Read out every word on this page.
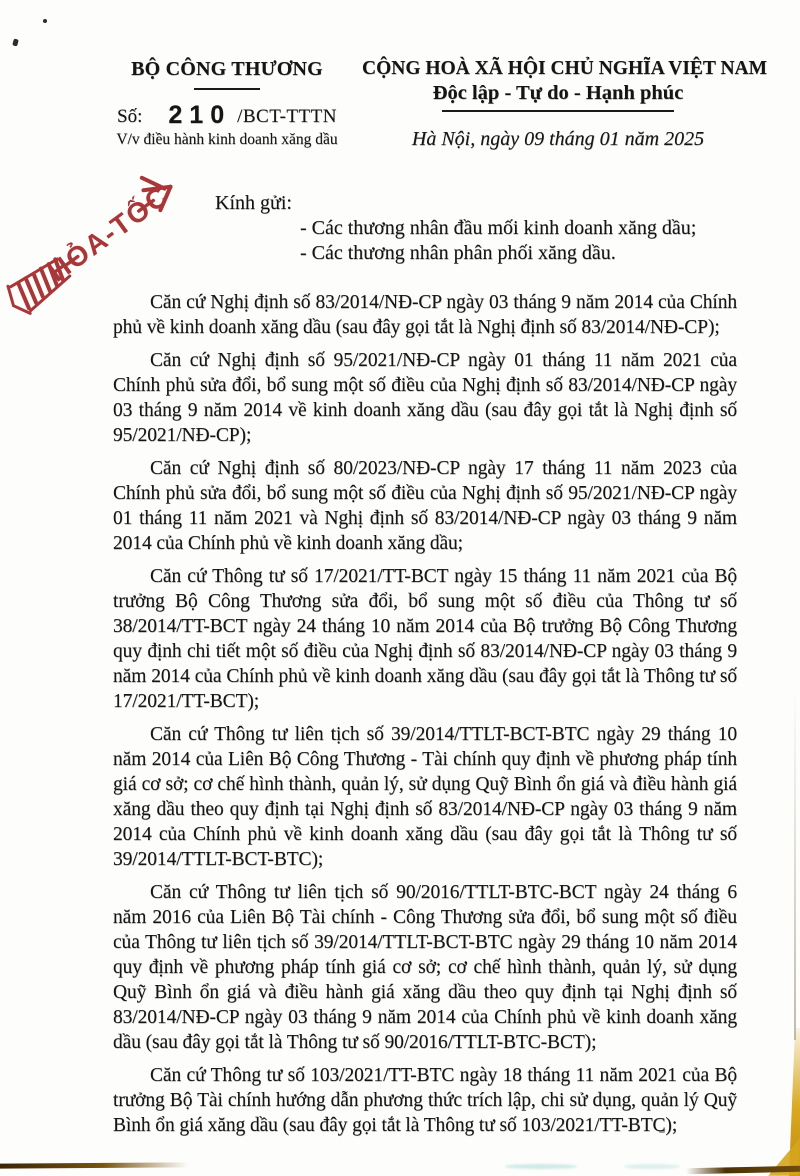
BỘ CÔNG THƯƠNG
Số: 210 /BCT-TTTN
V/v điều hành kinh doanh xăng dầu
CỘNG HOÀ XÃ HỘI CHỦ NGHĨA VIỆT NAM
Độc lập - Tự do - Hạnh phúc
Hà Nội, ngày 09 tháng 01 năm 2025
HỎA-TỐC Kính gửi:
- Các thương nhân đầu mối kinh doanh xăng dầu;
- Các thương nhân phân phối xăng dầu.

Căn cứ Nghị định số 83/2014/NĐ-CP ngày 03 tháng 9 năm 2014 của Chính phủ về kinh doanh xăng dầu (sau đây gọi tắt là Nghị định số 83/2014/NĐ-CP);

Căn cứ Nghị định số 95/2021/NĐ-CP ngày 01 tháng 11 năm 2021 của Chính phủ sửa đổi, bổ sung một số điều của Nghị định số 83/2014/NĐ-CP ngày 03 tháng 9 năm 2014 về kinh doanh xăng dầu (sau đây gọi tắt là Nghị định số 95/2021/NĐ-CP);

Căn cứ Nghị định số 80/2023/NĐ-CP ngày 17 tháng 11 năm 2023 của Chính phủ sửa đổi, bổ sung một số điều của Nghị định số 95/2021/NĐ-CP ngày 01 tháng 11 năm 2021 và Nghị định số 83/2014/NĐ-CP ngày 03 tháng 9 năm 2014 của Chính phủ về kinh doanh xăng dầu;

Căn cứ Thông tư số 17/2021/TT-BCT ngày 15 tháng 11 năm 2021 của Bộ trưởng Bộ Công Thương sửa đổi, bổ sung một số điều của Thông tư số 38/2014/TT-BCT ngày 24 tháng 10 năm 2014 của Bộ trưởng Bộ Công Thương quy định chi tiết một số điều của Nghị định số 83/2014/NĐ-CP ngày 03 tháng 9 năm 2014 của Chính phủ về kinh doanh xăng dầu (sau đây gọi tắt là Thông tư số 17/2021/TT-BCT);

Căn cứ Thông tư liên tịch số 39/2014/TTLT-BCT-BTC ngày 29 tháng 10 năm 2014 của Liên Bộ Công Thương - Tài chính quy định về phương pháp tính giá cơ sở; cơ chế hình thành, quản lý, sử dụng Quỹ Bình ổn giá và điều hành giá xăng dầu theo quy định tại Nghị định số 83/2014/NĐ-CP ngày 03 tháng 9 năm 2014 của Chính phủ về kinh doanh xăng dầu (sau đây gọi tắt là Thông tư số 39/2014/TTLT-BCT-BTC);

Căn cứ Thông tư liên tịch số 90/2016/TTLT-BTC-BCT ngày 24 tháng 6 năm 2016 của Liên Bộ Tài chính - Công Thương sửa đổi, bổ sung một số điều của Thông tư liên tịch số 39/2014/TTLT-BCT-BTC ngày 29 tháng 10 năm 2014 quy định về phương pháp tính giá cơ sở; cơ chế hình thành, quản lý, sử dụng Quỹ Bình ổn giá và điều hành giá xăng dầu theo quy định tại Nghị định số 83/2014/NĐ-CP ngày 03 tháng 9 năm 2014 của Chính phủ về kinh doanh xăng dầu (sau đây gọi tắt là Thông tư số 90/2016/TTLT-BTC-BCT);

Căn cứ Thông tư số 103/2021/TT-BTC ngày 18 tháng 11 năm 2021 của Bộ trưởng Bộ Tài chính hướng dẫn phương thức trích lập, chi sử dụng, quản lý Quỹ Bình ổn giá xăng dầu (sau đây gọi tắt là Thông tư số 103/2021/TT-BTC);
